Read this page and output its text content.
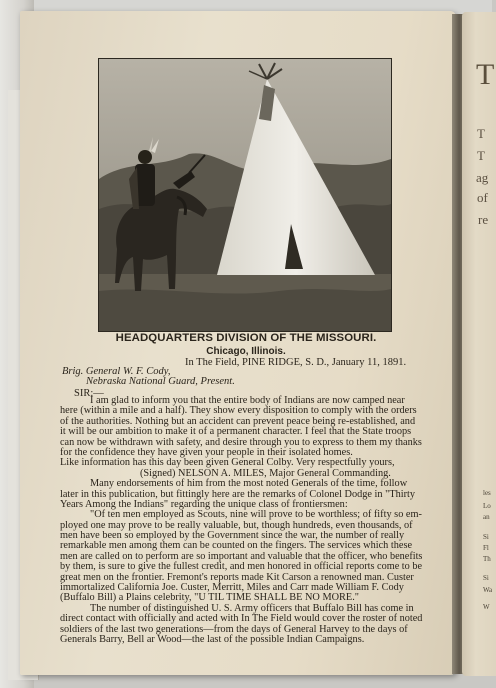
T
T
T
ag
of
re
les
Lo
an
Si
Fl
Th
Si
Wa
W
HEADQUARTERS DIVISION OF THE MISSOURI.
Chicago, Illinois.
In The Field, PINE RIDGE, S. D., January 11, 1891.
Brig. General W. F. Cody,
SIR:—
Nebraska National Guard, Present.
I am glad to inform you that the entire body of Indians are now camped near
here (within a mile and a half). They show every disposition to comply with the orders
of the authorities. Nothing but an accident can prevent peace being re-established, and
it will be our ambition to make it of a permanent character. I feel that the State troops
can now be withdrawn with safety, and desire through you to express to them my thanks
for the confidence they have given your people in their isolated homes.
Like information has this day been given General Colby. Very respectfully yours,
(Signed) NELSON A. MILES, Major General Commanding.
Many endorsements of him from the most noted Generals of the time, follow
later in this publication, but fittingly here are the remarks of Colonel Dodge in "Thirty
Years Among the Indians" regarding the unique class of frontiersmen:
"Of ten men employed as Scouts, nine will prove to be worthless; of fifty so em-
ployed one may prove to be really valuable, but, though hundreds, even thousands, of
men have been so employed by the Government since the war, the number of really
remarkable men among them can be counted on the fingers. The services which these
men are called on to perform are so important and valuable that the officer, who benefits
by them, is sure to give the fullest credit, and men honored in official reports come to be
great men on the frontier. Fremont's reports made Kit Carson a renowned man. Custer
immortalized California Joe. Custer, Merritt, Miles and Carr made William F. Cody
(Buffalo Bill) a Plains celebrity, "U TIL TIME SHALL BE NO MORE."
The number of distinguished U. S. Army officers that Buffalo Bill has come in
direct contact with officially and acted with In The Field would cover the roster of noted
soldiers of the last two generations—from the days of General Harvey to the days of
Generals Barry, Bell ar Wood—the last of the possible Indian Campaigns.
